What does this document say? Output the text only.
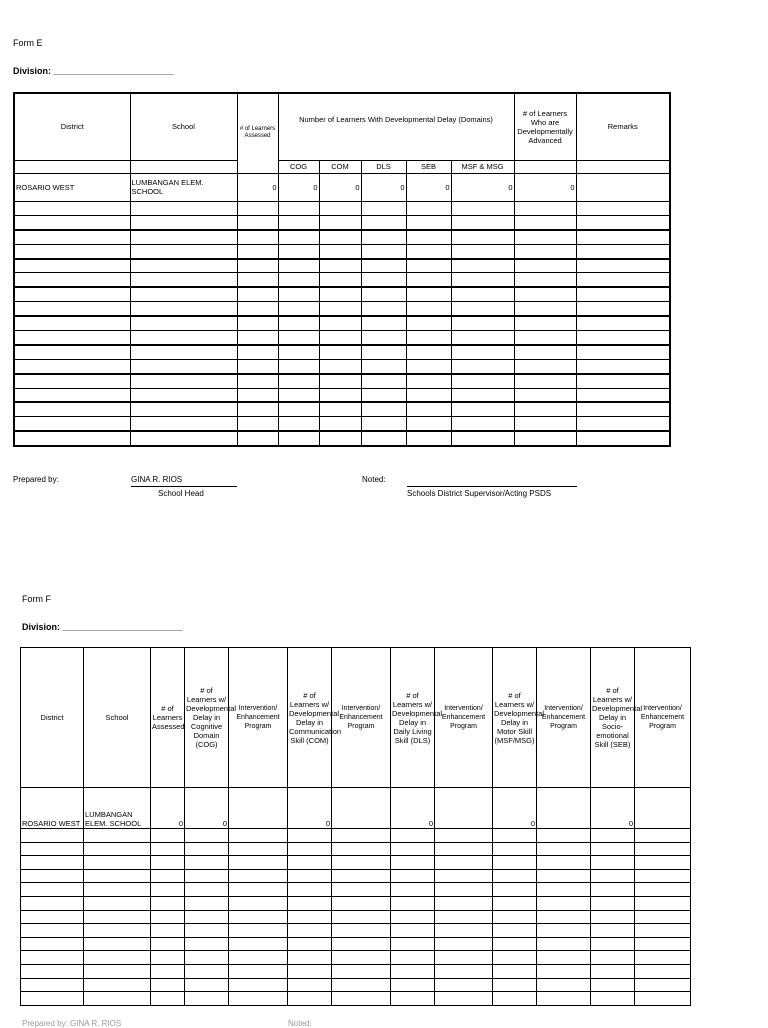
Form E
Division: ________________________
District	School	# of Learners Assessed	Number of Learners With Developmental Delay (Domains)					# of Learners Who are Developmentally Advanced	Remarks
			COG	COM	DLS	SEB	MSF & MSG		
ROSARIO WEST	LUMBANGAN ELEM. SCHOOL	0	0	0	0	0	0	0	

Prepared by:	GINA R. RIOS
School Head
Noted:
Schools District Supervisor/Acting PSDS
Form F
Division: ________________________
District	School	# of Learners Assessed	# of Learners w/ Developmental Delay in Cognitive Domain (COG)	Intervention/ Enhancement Program	# of Learners w/ Developmental Delay in Communication Skill (COM)	Intervention/ Enhancement Program	# of Learners w/ Developmental Delay in Daily Living Skill (DLS)	Intervention/ Enhancement Program	# of Learners w/ Developmental Delay in Motor Skill (MSF/MSG)	Intervention/ Enhancement Program	# of Learners w/ Developmental Delay in Socio-emotional Skill (SEB)	Intervention/ Enhancement Program
ROSARIO WEST	LUMBANGAN ELEM. SCHOOL	0	0		0		0		0		0	

Prepared by: GINA R. RIOS	Noted:
